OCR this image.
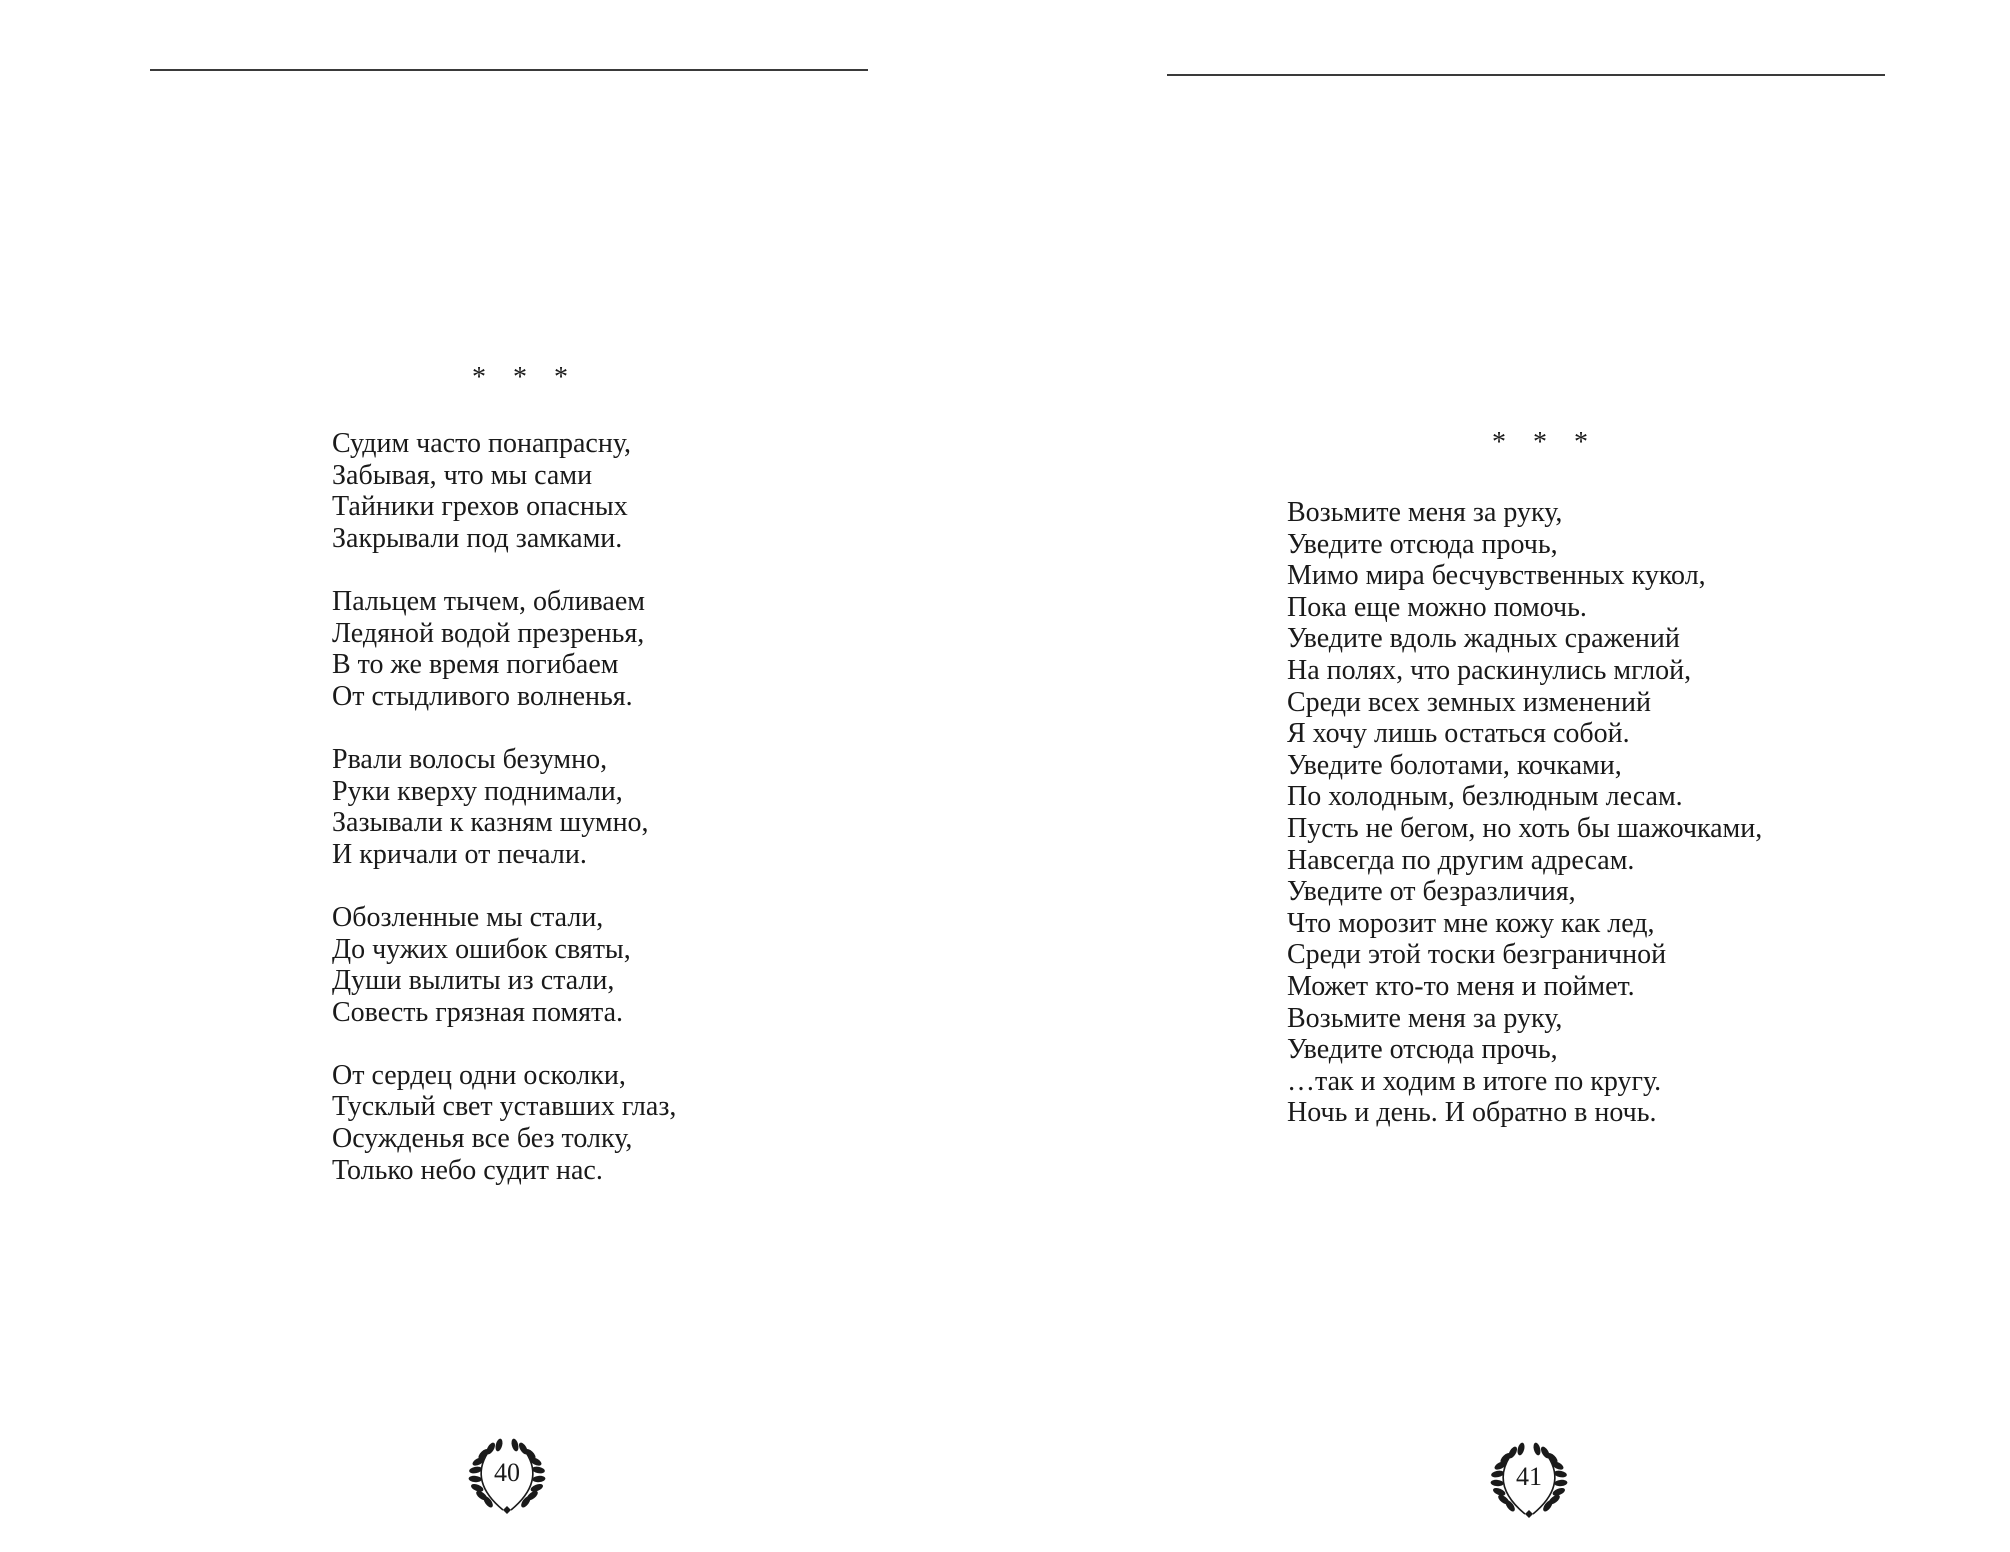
* * *
Судим часто понапрасну,
Забывая, что мы сами
Тайники грехов опасных
Закрывали под замками.
Пальцем тычем, обливаем
Ледяной водой презренья,
В то же время погибаем
От стыдливого волненья.
Рвали волосы безумно,
Руки кверху поднимали,
Зазывали к казням шумно,
И кричали от печали.
Обозленные мы стали,
До чужих ошибок святы,
Души вылиты из стали,
Совесть грязная помята.
От сердец одни осколки,
Тусклый свет уставших глаз,
Осужденья все без толку,
Только небо судит нас.
40
* * *
Возьмите меня за руку,
Уведите отсюда прочь,
Мимо мира бесчувственных кукол,
Пока еще можно помочь.
Уведите вдоль жадных сражений
На полях, что раскинулись мглой,
Среди всех земных изменений
Я хочу лишь остаться собой.
Уведите болотами, кочками,
По холодным, безлюдным лесам.
Пусть не бегом, но хоть бы шажочками,
Навсегда по другим адресам.
Уведите от безразличия,
Что морозит мне кожу как лед,
Среди этой тоски безграничной
Может кто-то меня и поймет.
Возьмите меня за руку,
Уведите отсюда прочь,
…так и ходим в итоге по кругу.
Ночь и день. И обратно в ночь.
41
